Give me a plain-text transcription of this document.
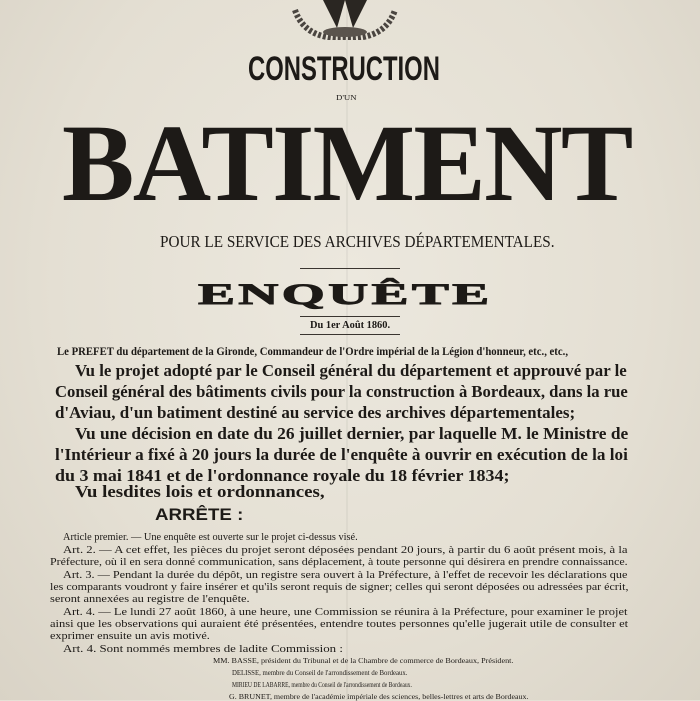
CONSTRUCTION
D'UN
BATIMENT
POUR LE SERVICE DES ARCHIVES DÉPARTEMENTALES.
ENQUÊTE
Du 1er Août 1860.
Le PREFET du département de la Gironde, Commandeur de l'Ordre impérial de la Légion d'honneur, etc., etc.,
Vu le projet adopté par le Conseil général du département et approuvé par le
Conseil général des bâtiments civils pour la construction à Bordeaux, dans la rue
d'Aviau, d'un batiment destiné au service des archives départementales;
Vu une décision en date du 26 juillet dernier, par laquelle M. le Ministre de
l'Intérieur a fixé à 20 jours la durée de l'enquête à ouvrir en exécution de la loi
du 3 mai 1841 et de l'ordonnance royale du 18 février 1834;
Vu lesdites lois et ordonnances,
ARRÊTE :
Article premier. — Une enquête est ouverte sur le projet ci-dessus visé.
Art. 2. — A cet effet, les pièces du projet seront déposées pendant 20 jours, à partir du 6 août présent mois, à la
Préfecture, où il en sera donné communication, sans déplacement, à toute personne qui désirera en prendre connaissance.
Art. 3. — Pendant la durée du dépôt, un registre sera ouvert à la Préfecture, à l'effet de recevoir les déclarations que
les comparants voudront y faire insérer et qu'ils seront requis de signer; celles qui seront déposées ou adressées par écrit,
seront annexées au registre de l'enquête.
Art. 4. — Le lundi 27 août 1860, à une heure, une Commission se réunira à la Préfecture, pour examiner le projet
ainsi que les observations qui auraient été présentées, entendre toutes personnes qu'elle jugerait utile de consulter et
exprimer ensuite un avis motivé.
Art. 4. Sont nommés membres de ladite Commission :
MM. BASSE, président du Tribunal et de la Chambre de commerce de Bordeaux, Président.
DELISSE, membre du Conseil de l'arrondissement de Bordeaux.
MIRIEU DE LABARRE, membre du Conseil de l'arrondissement de Bordeaux.
G. BRUNET, membre de l'académie impériale des sciences, belles-lettres et arts de Bordeaux.
